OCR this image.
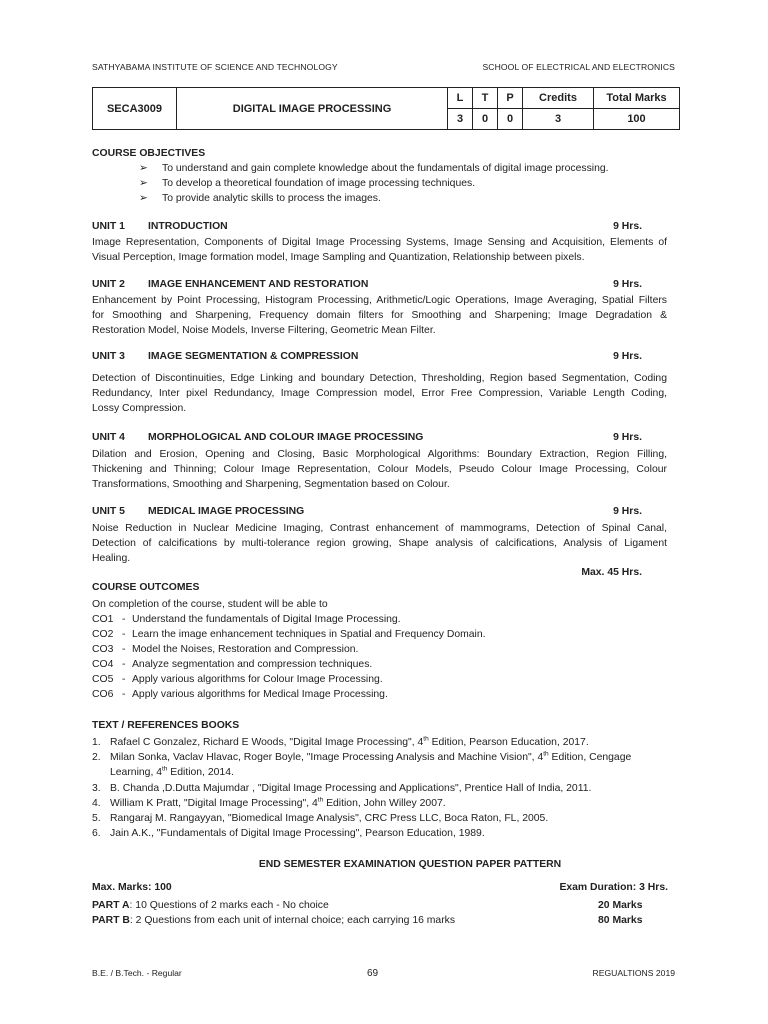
SATHYABAMA INSTITUTE OF SCIENCE AND TECHNOLOGY	SCHOOL OF ELECTRICAL AND ELECTRONICS
SECA3009	DIGITAL IMAGE PROCESSING	L	T	P	Credits	Total Marks
		3	0	0	3	100
COURSE OBJECTIVES
➢ To understand and gain complete knowledge about the fundamentals of digital image processing.
➢ To develop a theoretical foundation of image processing techniques.
➢ To provide analytic skills to process the images.
UNIT 1 INTRODUCTION	9 Hrs.
Image Representation, Components of Digital Image Processing Systems, Image Sensing and Acquisition, Elements of
Visual Perception, Image formation model, Image Sampling and Quantization, Relationship between pixels.
UNIT 2 IMAGE ENHANCEMENT AND RESTORATION	9 Hrs.
Enhancement by Point Processing, Histogram Processing, Arithmetic/Logic Operations, Image Averaging, Spatial Filters
for Smoothing and Sharpening, Frequency domain filters for Smoothing and Sharpening; Image Degradation &
Restoration Model, Noise Models, Inverse Filtering, Geometric Mean Filter.
UNIT 3 IMAGE SEGMENTATION & COMPRESSION	9 Hrs.
Detection of Discontinuities, Edge Linking and boundary Detection, Thresholding, Region based Segmentation, Coding
Redundancy, Inter pixel Redundancy, Image Compression model, Error Free Compression, Variable Length Coding,
Lossy Compression.
UNIT 4 MORPHOLOGICAL AND COLOUR IMAGE PROCESSING	9 Hrs.
Dilation and Erosion, Opening and Closing, Basic Morphological Algorithms: Boundary Extraction, Region Filling,
Thickening and Thinning; Colour Image Representation, Colour Models, Pseudo Colour Image Processing, Colour
Transformations, Smoothing and Sharpening, Segmentation based on Colour.
UNIT 5 MEDICAL IMAGE PROCESSING	9 Hrs.
Noise Reduction in Nuclear Medicine Imaging, Contrast enhancement of mammograms, Detection of Spinal Canal,
Detection of calcifications by multi-tolerance region growing, Shape analysis of calcifications, Analysis of Ligament
Healing.
Max. 45 Hrs.
COURSE OUTCOMES
On completion of the course, student will be able to
CO1 - Understand the fundamentals of Digital Image Processing.
CO2 - Learn the image enhancement techniques in Spatial and Frequency Domain.
CO3 - Model the Noises, Restoration and Compression.
CO4 - Analyze segmentation and compression techniques.
CO5 - Apply various algorithms for Colour Image Processing.
CO6 - Apply various algorithms for Medical Image Processing.
TEXT / REFERENCES BOOKS
1. Rafael C Gonzalez, Richard E Woods, "Digital Image Processing", 4th Edition, Pearson Education, 2017.
2. Milan Sonka, Vaclav Hlavac, Roger Boyle, "Image Processing Analysis and Machine Vision", 4th Edition, Cengage
Learning, 4th Edition, 2014.
3. B. Chanda ,D.Dutta Majumdar , "Digital Image Processing and Applications", Prentice Hall of India, 2011.
4. William K Pratt, "Digital Image Processing", 4th Edition, John Willey 2007.
5. Rangaraj M. Rangayyan, "Biomedical Image Analysis", CRC Press LLC, Boca Raton, FL, 2005.
6. Jain A.K., "Fundamentals of Digital Image Processing", Pearson Education, 1989.
END SEMESTER EXAMINATION QUESTION PAPER PATTERN
Max. Marks: 100	Exam Duration: 3 Hrs.
PART A: 10 Questions of 2 marks each - No choice	20 Marks
PART B: 2 Questions from each unit of internal choice; each carrying 16 marks	80 Marks
B.E. / B.Tech. - Regular	69	REGUALTIONS 2019
